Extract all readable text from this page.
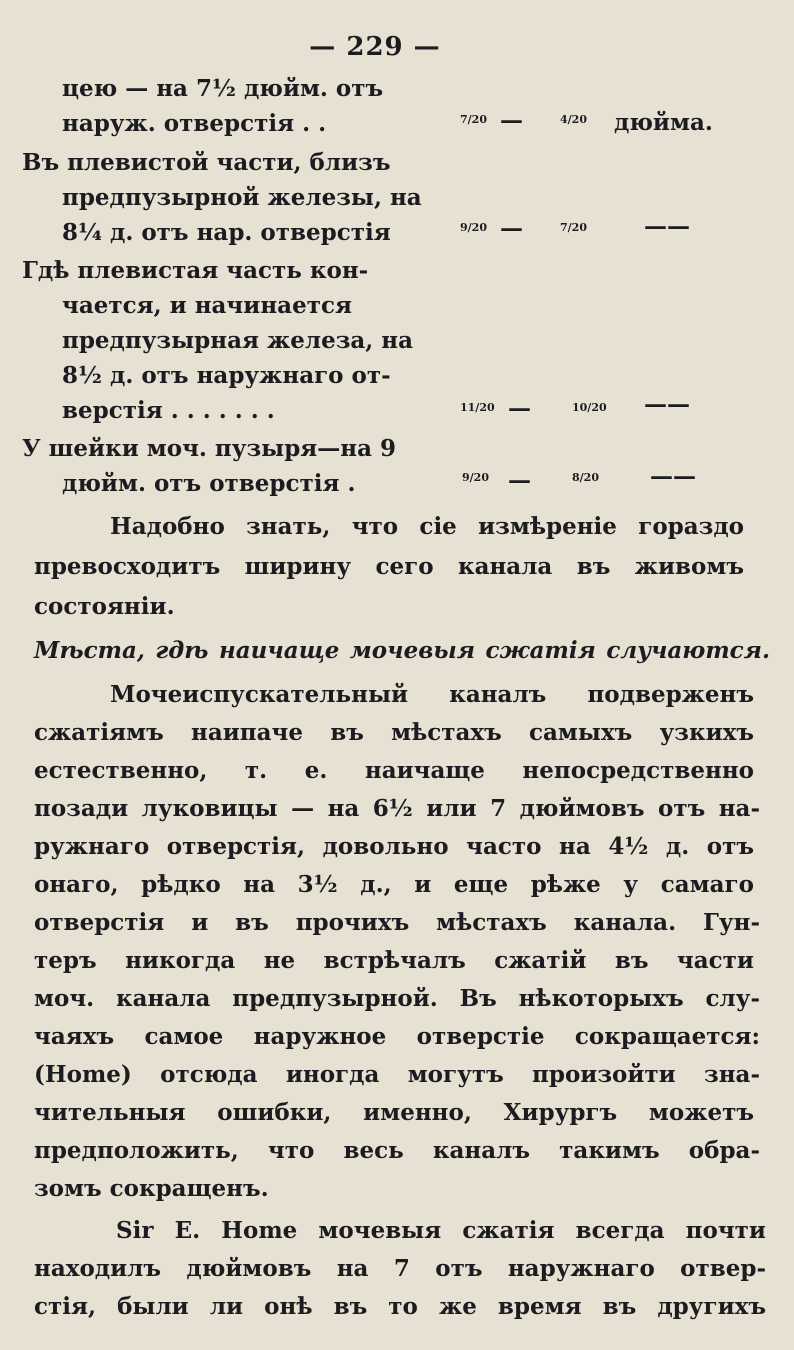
— 229 —
цею — на 7½ дюйм. отъ
наруж. отверстія . .	7/20 —	4/20 дюйма.
Въ плевистой части, близъ
предпузырной железы, на
8¼ д. отъ нар. отверстія	9/20 —	7/20 ——
Гдѣ плевистая часть кон-
чается, и начинается
предпузырная железа, на
8½ д. отъ наружнаго от-
верстія . . . . . . .	11/20 —	10/20 ——
У шейки моч. пузыря—на 9
дюйм. отъ отверстія .	9/20 —	8/20 ——
Надобно знать, что сіе измѣреніе гораздо
превосходитъ ширину сего канала въ живомъ
состояніи.
Мѣста, гдѣ наичаще мочевыя сжатія случаются.
Мочеиспускательный каналъ подверженъ
сжатіямъ наипаче въ мѣстахъ самыхъ узкихъ
естественно, т. е. наичаще непосредственно
позади луковицы — на 6½ или 7 дюймовъ отъ на-
ружнаго отверстія, довольно часто на 4½ д. отъ
онаго, рѣдко на 3½ д., и еще рѣже у самаго
отверстія и въ прочихъ мѣстахъ канала. Гун-
теръ никогда не встрѣчалъ сжатій въ части
моч. канала предпузырной. Въ нѣкоторыхъ слу-
чаяхъ самое наружное отверстіе сокращается:
(Home) отсюда иногда могутъ произойти зна-
чительныя ошибки, именно, Хирургъ можетъ
предположить, что весь каналъ такимъ обра-
зомъ сокращенъ.
Sir E. Home мочевыя сжатія всегда почти
находилъ дюймовъ на 7 отъ наружнаго отвер-
стія, были ли онѣ въ то же время въ другихъ
